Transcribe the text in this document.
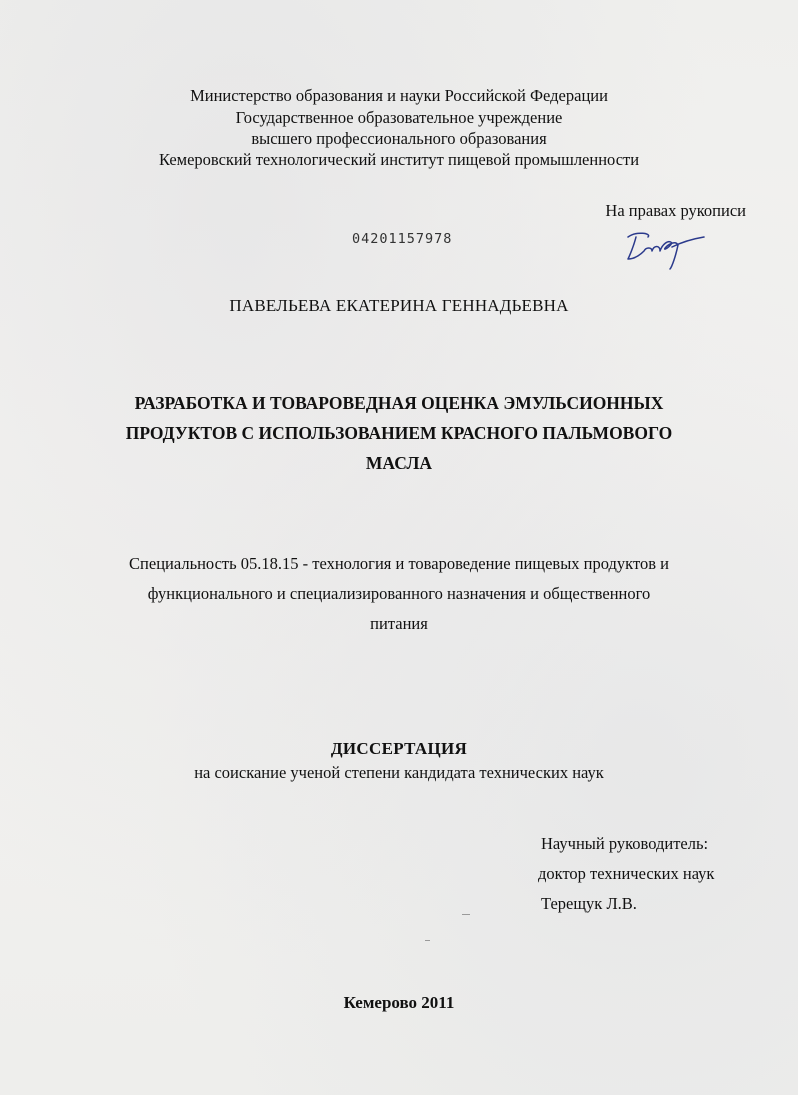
Министерство образования и науки Российской Федерации
Государственное образовательное учреждение
высшего профессионального образования
Кемеровский технологический институт пищевой промышленности
На правах рукописи
04201157978
ПАВЕЛЬЕВА ЕКАТЕРИНА ГЕННАДЬЕВНА
РАЗРАБОТКА И ТОВАРОВЕДНАЯ ОЦЕНКА ЭМУЛЬСИОННЫХ
ПРОДУКТОВ С ИСПОЛЬЗОВАНИЕМ КРАСНОГО ПАЛЬМОВОГО
МАСЛА
Специальность 05.18.15 - технология и товароведение пищевых продуктов и
функционального и специализированного назначения и общественного
питания
ДИССЕРТАЦИЯ
на соискание ученой степени кандидата технических наук
Научный руководитель:
доктор технических наук
Терещук Л.В.
Кемерово 2011
